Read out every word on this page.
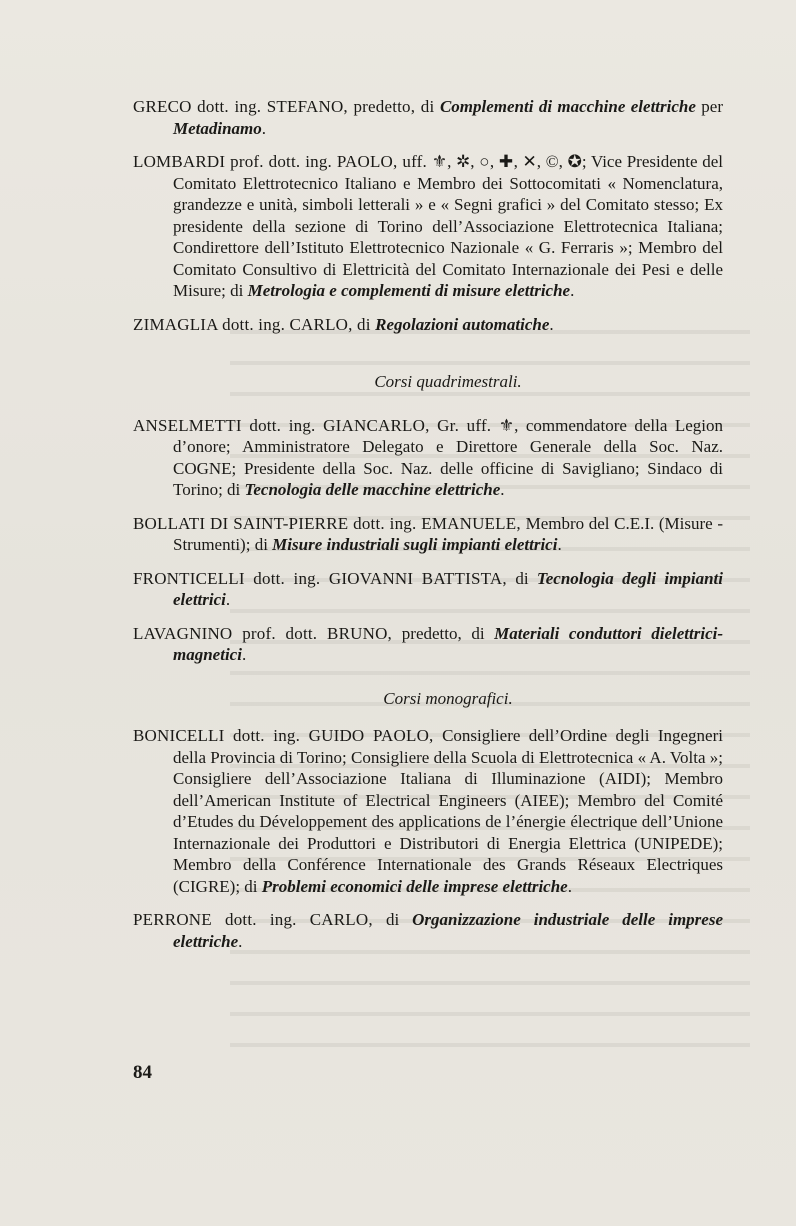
GRECO dott. ing. STEFANO, predetto, di Complementi di macchine elettriche per Metadinamo.

LOMBARDI prof. dott. ing. PAOLO, uff. ⚜, ✲, ○, ✚, ✕, ©, ✪; Vice Presidente del Comitato Elettrotecnico Italiano e Membro dei Sottocomitati « Nomenclatura, grandezze e unità, simboli letterali » e « Segni grafici » del Comitato stesso; Ex presidente della sezione di Torino dell’Associazione Elettrotecnica Italiana; Condirettore dell’Istituto Elettrotecnico Nazionale « G. Ferraris »; Membro del Comitato Consultivo di Elettricità del Comitato Internazionale dei Pesi e delle Misure; di Metrologia e complementi di misure elettriche.

ZIMAGLIA dott. ing. CARLO, di Regolazioni automatiche.

Corsi quadrimestrali.

ANSELMETTI dott. ing. GIANCARLO, Gr. uff. ⚜, commendatore della Legion d’onore; Amministratore Delegato e Direttore Generale della Soc. Naz. COGNE; Presidente della Soc. Naz. delle officine di Savigliano; Sindaco di Torino; di Tecnologia delle macchine elettriche.

BOLLATI DI SAINT-PIERRE dott. ing. EMANUELE, Membro del C.E.I. (Misure - Strumenti); di Misure industriali sugli impianti elettrici.

FRONTICELLI dott. ing. GIOVANNI BATTISTA, di Tecnologia degli impianti elettrici.

LAVAGNINO prof. dott. BRUNO, predetto, di Materiali conduttori dielettrici-magnetici.

Corsi monografici.

BONICELLI dott. ing. GUIDO PAOLO, Consigliere dell’Ordine degli Ingegneri della Provincia di Torino; Consigliere della Scuola di Elettrotecnica « A. Volta »; Consigliere dell’Associazione Italiana di Illuminazione (AIDI); Membro dell’American Institute of Electrical Engineers (AIEE); Membro del Comité d’Etudes du Développement des applications de l’énergie électrique dell’Unione Internazionale dei Produttori e Distributori di Energia Elettrica (UNIPEDE); Membro della Conférence Internationale des Grands Réseaux Electriques (CIGRE); di Problemi economici delle imprese elettriche.

PERRONE dott. ing. CARLO, di Organizzazione industriale delle imprese elettriche.

84
